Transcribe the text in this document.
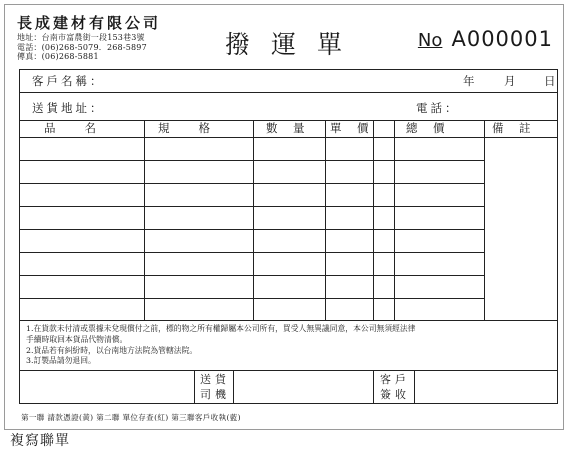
長成建材有限公司
地址：台南市富農街一段153巷3號
電話：(06)268-5079．268-5897
傳真：(06)268-5881	撥運單	No A000001
客戶名稱：	年 月 日
送貨地址：	電話：
品　　名	規　　格	數　量 單　價	總　價	備　註
1.在貨款未付清或票據未兌現償付之前，標的物之所有權歸屬本公司所有，買受人無異議同意，本公司無須經法律
手續時取回本貨品代物清償。
2.貨品若有糾紛時，以台南地方法院為管轄法院。
3.訂製品請勿退回。
送貨司機
客戶簽收
第一聯 請款憑證(黃) 第二聯 單位存查(紅) 第三聯客戶收執(藍)
複寫聯單
